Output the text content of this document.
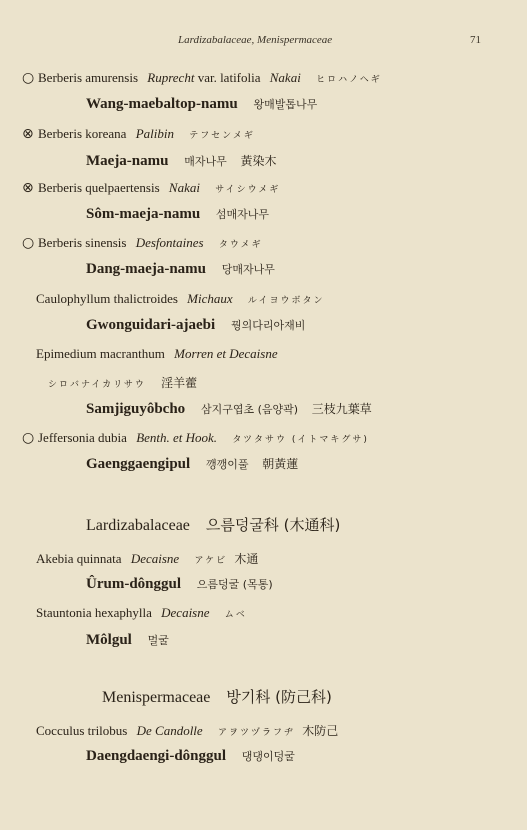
Lardizabalaceae, Menispermaceae	71
○ Berberis amurensis Ruprecht var. latifolia Nakai ヒロハノヘギ
Wang-maebaltop-namu 왕매발톱나무
⊗ Berberis koreana Palibin テフセンメギ
Maeja-namu 매자나무 黃染木
⊗ Berberis quelpaertensis Nakai サイシウメギ
Sôm-maeja-namu 섬매자나무
○ Berberis sinensis Desfontaines タウメギ
Dang-maeja-namu 당매자나무
Caulophyllum thalictroides Michaux ルイヨウボタン
Gwonguidari-ajaebi 꿩의다리아재비
Epimedium macranthum Morren et Decaisne
シロバナイカリサウ 淫羊藿
Samjiguyôbcho 삼지구엽초 (음양곽) 三枝九葉草
○ Jeffersonia dubia Benth. et Hook. タツタサウ (イトマキグサ)
Gaenggaengipul 깽깽이풀 朝黃蓮
Lardizabalaceae 으름덩굴科 (木通科)
Akebia quinnata Decaisne アケビ 木通
Ûrum-dônggul 으름덩굴 (목통)
Stauntonia hexaphylla Decaisne ムベ
Môlgul 멀굴
Menispermaceae 방기科 (防己科)
Cocculus trilobus De Candolle アヲツヅラフヂ 木防己
Daengdaengi-dônggul 댕댕이덩굴
